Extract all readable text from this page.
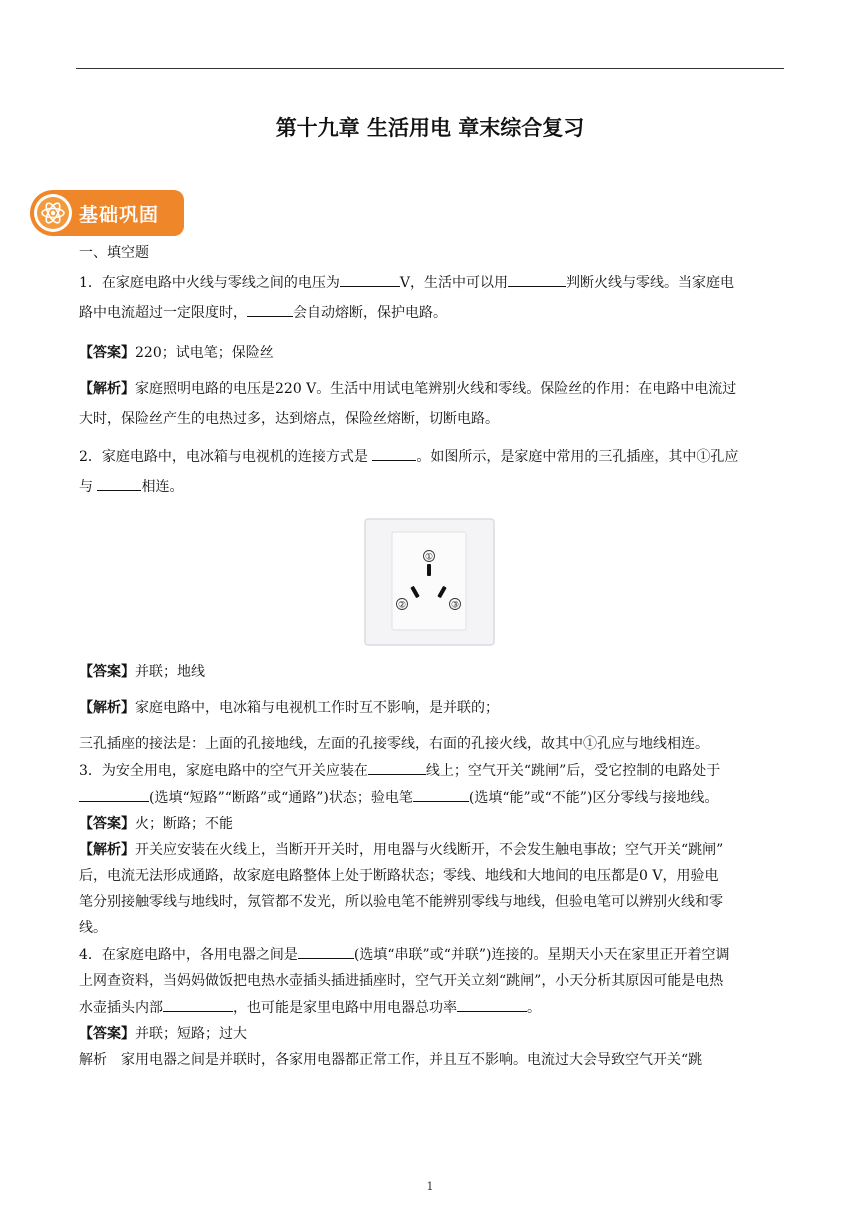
第十九章 生活用电 章末综合复习
基础巩固
一、填空题
1．在家庭电路中火线与零线之间的电压为	V，生活中可以用	判断火线与零线。当家庭电
路中电流超过一定限度时，	会自动熔断，保护电路。
【答案】220；试电笔；保险丝
【解析】家庭照明电路的电压是220 V。生活中用试电笔辨别火线和零线。保险丝的作用：在电路中电流过
大时，保险丝产生的电热过多，达到熔点，保险丝熔断，切断电路。
2．家庭电路中，电冰箱与电视机的连接方式是	。如图所示，是家庭中常用的三孔插座，其中①孔应
与	相连。
①
②	③
【答案】并联；地线
【解析】家庭电路中，电冰箱与电视机工作时互不影响，是并联的；
三孔插座的接法是：上面的孔接地线，左面的孔接零线，右面的孔接火线，故其中①孔应与地线相连。
3．为安全用电，家庭电路中的空气开关应装在	线上；空气开关“跳闸”后，受它控制的电路处于
(选填“短路”“断路”或“通路”)状态；验电笔	(选填“能”或“不能”)区分零线与接地线。
【答案】火；断路；不能
【解析】开关应安装在火线上，当断开开关时，用电器与火线断开，不会发生触电事故；空气开关“跳闸”
后，电流无法形成通路，故家庭电路整体上处于断路状态；零线、地线和大地间的电压都是0 V，用验电
笔分别接触零线与地线时，氖管都不发光，所以验电笔不能辨别零线与地线，但验电笔可以辨别火线和零
线。
4．在家庭电路中，各用电器之间是	(选填“串联”或“并联”)连接的。星期天小天在家里正开着空调
上网查资料，当妈妈做饭把电热水壶插头插进插座时，空气开关立刻“跳闸”，小天分析其原因可能是电热
水壶插头内部	，也可能是家里电路中用电器总功率	。
【答案】并联；短路；过大
解析　家用电器之间是并联时，各家用电器都正常工作，并且互不影响。电流过大会导致空气开关“跳
1
